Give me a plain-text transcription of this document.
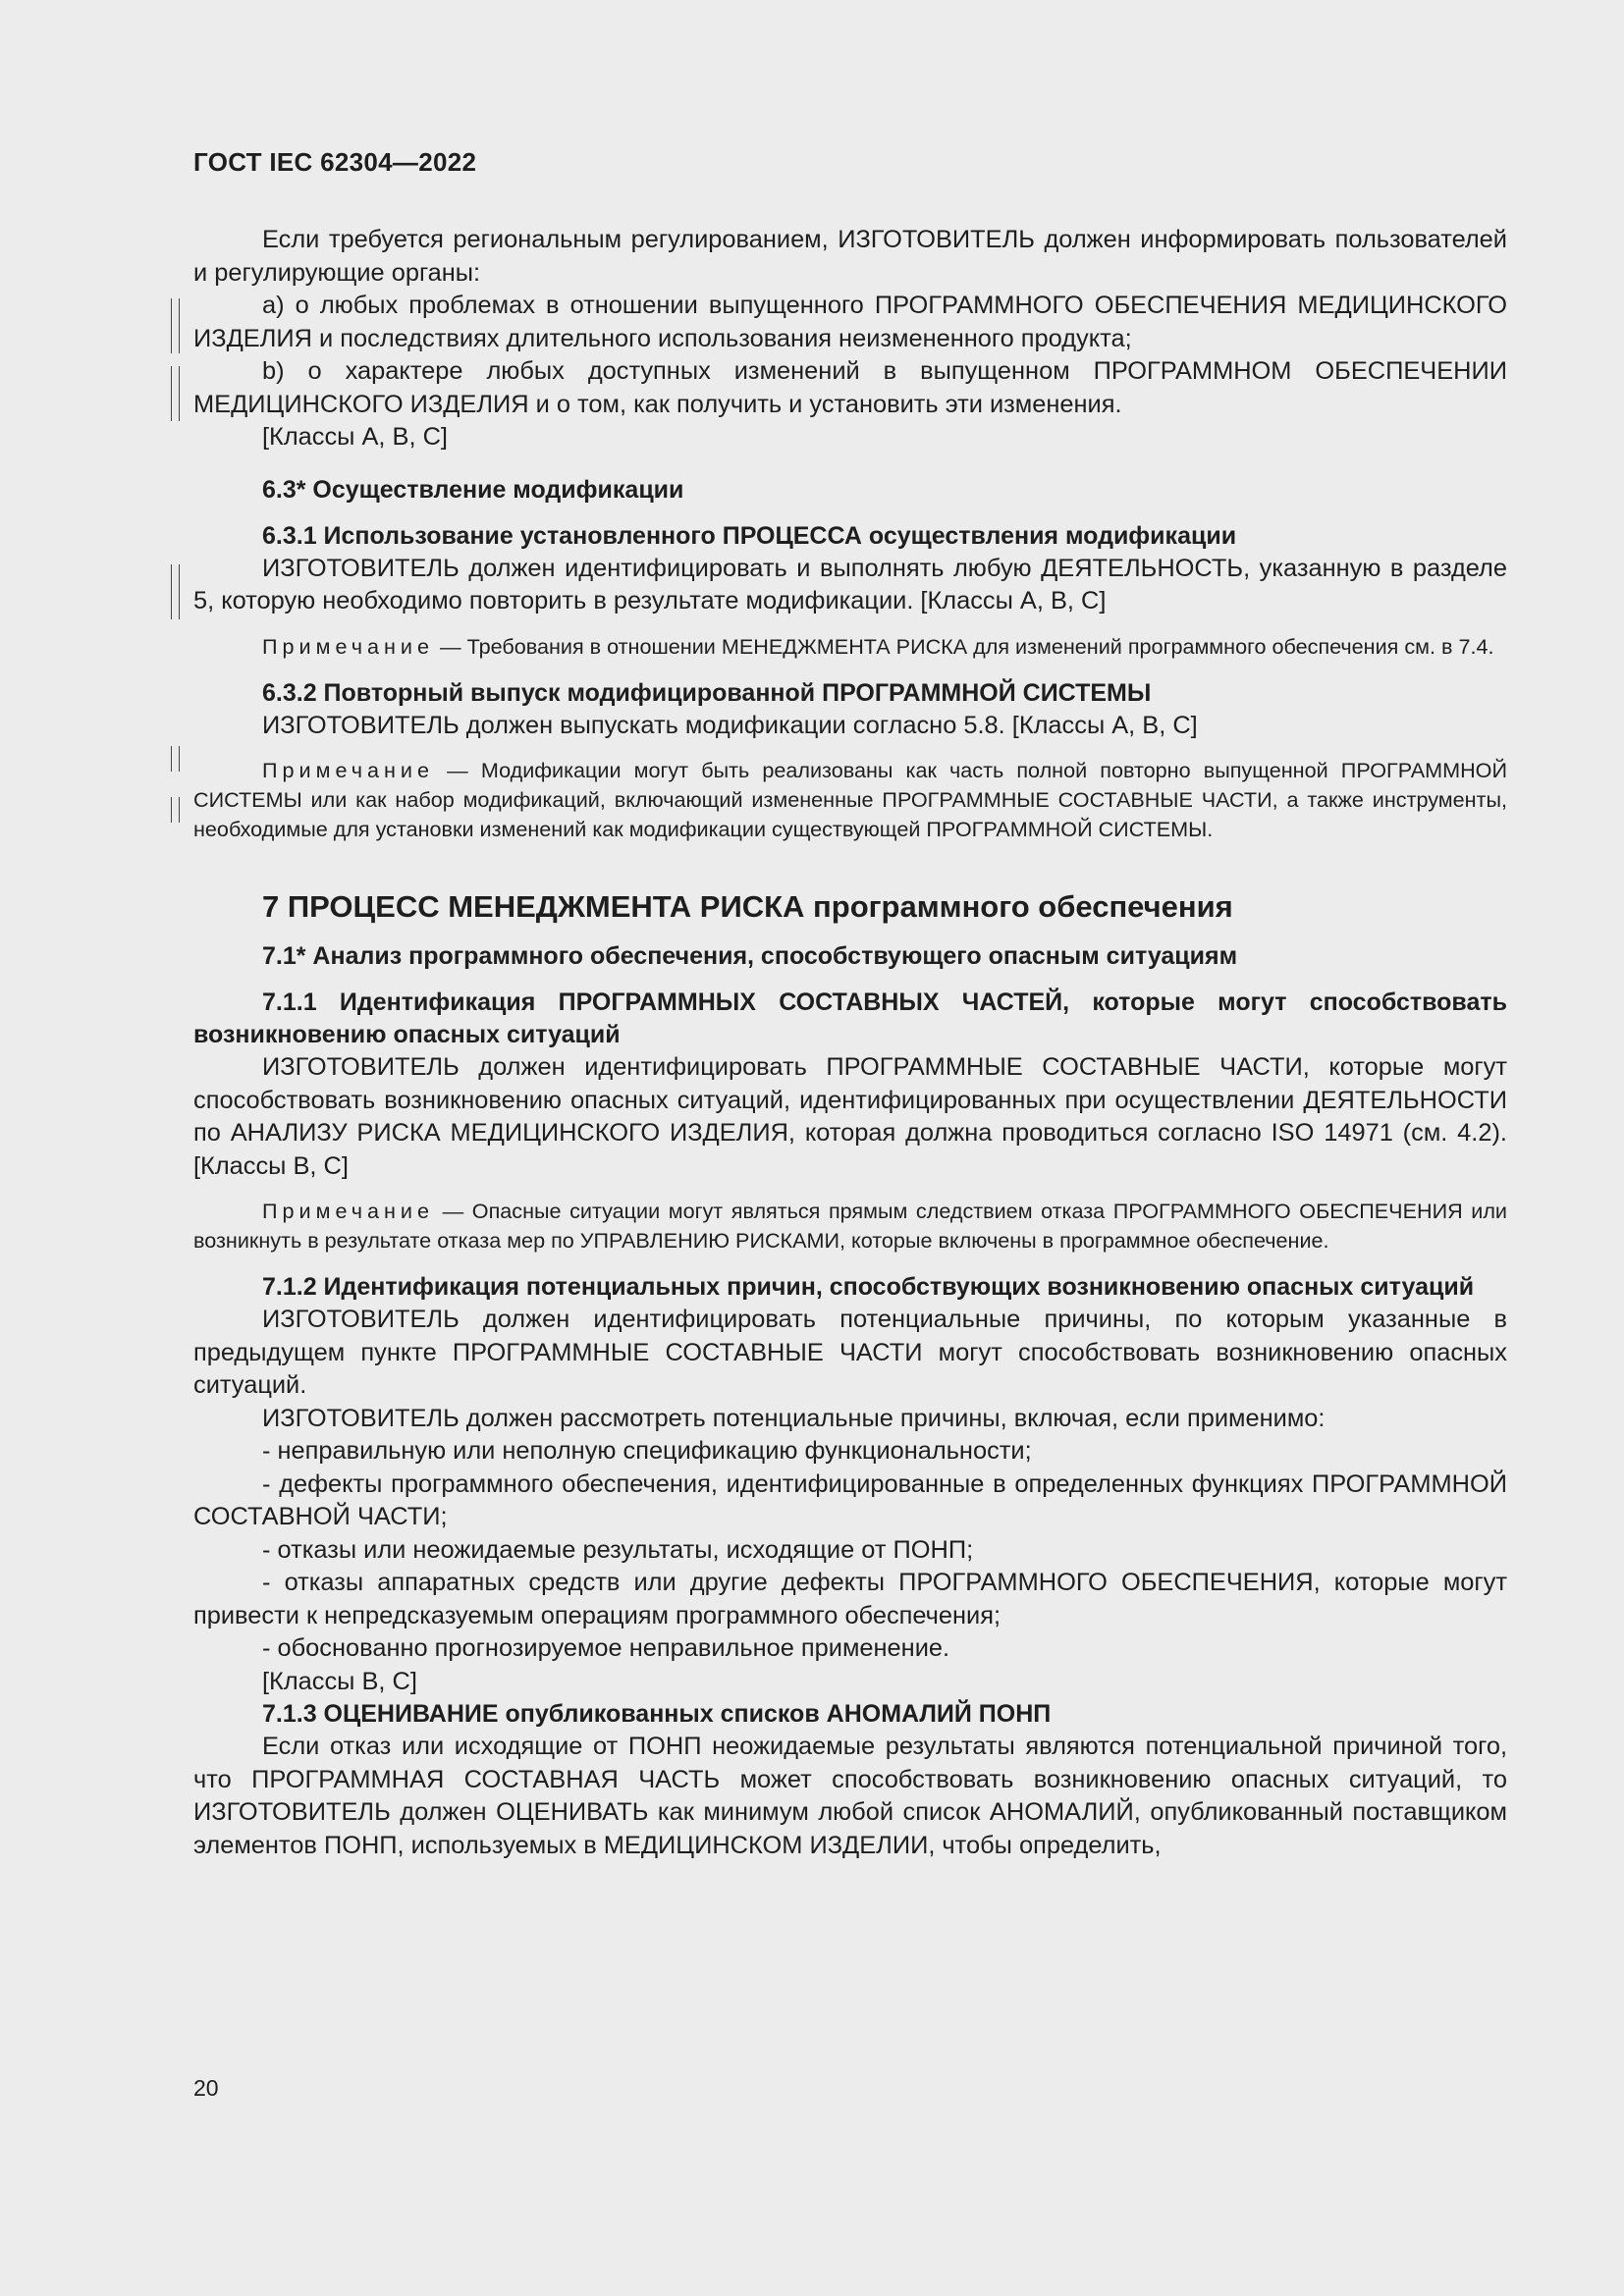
ГОСТ IEC 62304—2022

Если требуется региональным регулированием, ИЗГОТОВИТЕЛЬ должен информировать пользователей и регулирующие органы:

a) о любых проблемах в отношении выпущенного ПРОГРАММНОГО ОБЕСПЕЧЕНИЯ МЕДИЦИНСКОГО ИЗДЕЛИЯ и последствиях длительного использования неизмененного продукта;

b) о характере любых доступных изменений в выпущенном ПРОГРАММНОМ ОБЕСПЕЧЕНИИ МЕДИЦИНСКОГО ИЗДЕЛИЯ и о том, как получить и установить эти изменения.

[Классы А, В, С]

6.3* Осуществление модификации

6.3.1 Использование установленного ПРОЦЕССА осуществления модификации

ИЗГОТОВИТЕЛЬ должен идентифицировать и выполнять любую ДЕЯТЕЛЬНОСТЬ, указанную в разделе 5, которую необходимо повторить в результате модификации. [Классы А, В, С]

Примечание — Требования в отношении МЕНЕДЖМЕНТА РИСКА для изменений программного обеспечения см. в 7.4.

6.3.2 Повторный выпуск модифицированной ПРОГРАММНОЙ СИСТЕМЫ

ИЗГОТОВИТЕЛЬ должен выпускать модификации согласно 5.8. [Классы А, В, С]

Примечание — Модификации могут быть реализованы как часть полной повторно выпущенной ПРОГРАММНОЙ СИСТЕМЫ или как набор модификаций, включающий измененные ПРОГРАММНЫЕ СОСТАВНЫЕ ЧАСТИ, а также инструменты, необходимые для установки изменений как модификации существующей ПРОГРАММНОЙ СИСТЕМЫ.

7 ПРОЦЕСС МЕНЕДЖМЕНТА РИСКА программного обеспечения

7.1* Анализ программного обеспечения, способствующего опасным ситуациям

7.1.1 Идентификация ПРОГРАММНЫХ СОСТАВНЫХ ЧАСТЕЙ, которые могут способствовать возникновению опасных ситуаций

ИЗГОТОВИТЕЛЬ должен идентифицировать ПРОГРАММНЫЕ СОСТАВНЫЕ ЧАСТИ, которые могут способствовать возникновению опасных ситуаций, идентифицированных при осуществлении ДЕЯТЕЛЬНОСТИ по АНАЛИЗУ РИСКА МЕДИЦИНСКОГО ИЗДЕЛИЯ, которая должна проводиться согласно ISO 14971 (см. 4.2). [Классы В, С]

Примечание — Опасные ситуации могут являться прямым следствием отказа ПРОГРАММНОГО ОБЕСПЕЧЕНИЯ или возникнуть в результате отказа мер по УПРАВЛЕНИЮ РИСКАМИ, которые включены в программное обеспечение.

7.1.2 Идентификация потенциальных причин, способствующих возникновению опасных ситуаций

ИЗГОТОВИТЕЛЬ должен идентифицировать потенциальные причины, по которым указанные в предыдущем пункте ПРОГРАММНЫЕ СОСТАВНЫЕ ЧАСТИ могут способствовать возникновению опасных ситуаций.

ИЗГОТОВИТЕЛЬ должен рассмотреть потенциальные причины, включая, если применимо:

- неправильную или неполную спецификацию функциональности;

- дефекты программного обеспечения, идентифицированные в определенных функциях ПРОГРАММНОЙ СОСТАВНОЙ ЧАСТИ;

- отказы или неожидаемые результаты, исходящие от ПОНП;

- отказы аппаратных средств или другие дефекты ПРОГРАММНОГО ОБЕСПЕЧЕНИЯ, которые могут привести к непредсказуемым операциям программного обеспечения;

- обоснованно прогнозируемое неправильное применение.

[Классы В, С]

7.1.3 ОЦЕНИВАНИЕ опубликованных списков АНОМАЛИЙ ПОНП

Если отказ или исходящие от ПОНП неожидаемые результаты являются потенциальной причиной того, что ПРОГРАММНАЯ СОСТАВНАЯ ЧАСТЬ может способствовать возникновению опасных ситуаций, то ИЗГОТОВИТЕЛЬ должен ОЦЕНИВАТЬ как минимум любой список АНОМАЛИЙ, опубликованный поставщиком элементов ПОНП, используемых в МЕДИЦИНСКОМ ИЗДЕЛИИ, чтобы определить,

20
